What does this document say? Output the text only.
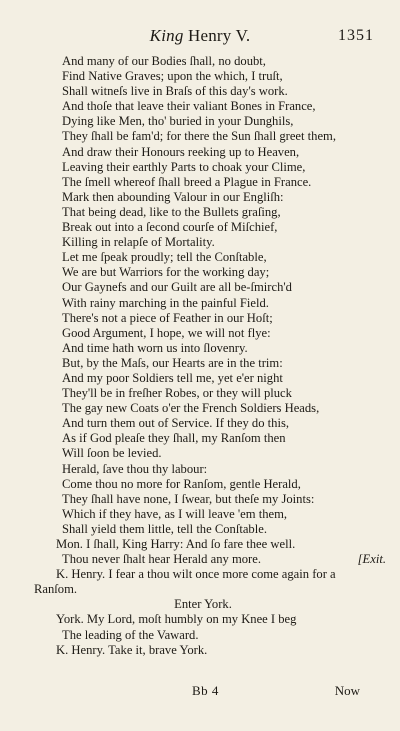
King Henry V.	1351
And many of our Bodies ſhall, no doubt,
Find Native Graves; upon the which, I truſt,
Shall witneſs live in Braſs of this day's work.
And thoſe that leave their valiant Bones in France,
Dying like Men, tho' buried in your Dunghils,
They ſhall be fam'd; for there the Sun ſhall greet them,
And draw their Honours reeking up to Heaven,
Leaving their earthly Parts to choak your Clime,
The ſmell whereof ſhall breed a Plague in France.
Mark then abounding Valour in our Engliſh:
That being dead, like to the Bullets graſing,
Break out into a ſecond courſe of Miſchief,
Killing in relapſe of Mortality.
Let me ſpeak proudly; tell the Conſtable,
We are but Warriors for the working day;
Our Gaynefs and our Guilt are all be-ſmirch'd
With rainy marching in the painful Field.
There's not a piece of Feather in our Hoſt;
Good Argument, I hope, we will not flye:
And time hath worn us into ſlovenry.
But, by the Maſs, our Hearts are in the trim:
And my poor Soldiers tell me, yet e'er night
They'll be in freſher Robes, or they will pluck
The gay new Coats o'er the French Soldiers Heads,
And turn them out of Service. If they do this,
As if God pleaſe they ſhall, my Ranſom then
Will ſoon be levied.
Herald, ſave thou thy labour:
Come thou no more for Ranſom, gentle Herald,
They ſhall have none, I ſwear, but theſe my Joints:
Which if they have, as I will leave 'em them,
Shall yield them little, tell the Conſtable.
Mon. I ſhall, King Harry: And ſo fare thee well.
Thou never ſhalt hear Herald any more.	[Exit.
K. Henry. I fear a thou wilt once more come again for a
Ranſom.
Enter York.
York. My Lord, moſt humbly on my Knee I beg
The leading of the Vaward.
K. Henry. Take it, brave York.
Bb 4	Now
